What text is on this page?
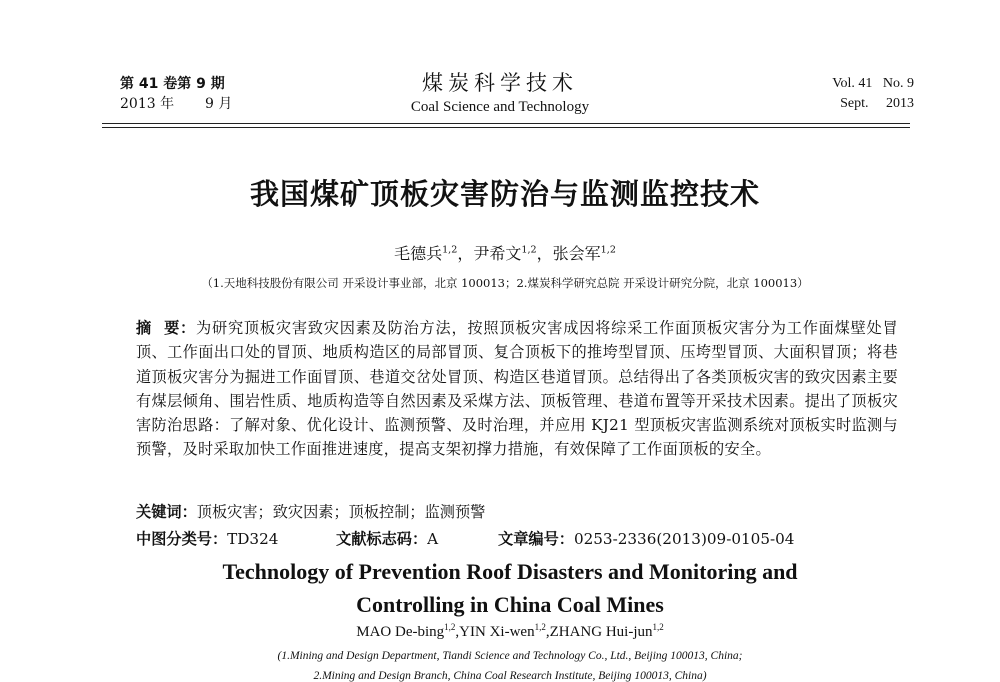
第 41 卷第 9 期
2013 年 9 月
煤炭科学技术
Coal Science and Technology
Vol. 41   No. 9
Sept.     2013
我国煤矿顶板灾害防治与监测监控技术
毛德兵$^{1,2}$，尹希文$^{1,2}$，张会军$^{1,2}$
（1.天地科技股份有限公司 开采设计事业部，北京 100013；2.煤炭科学研究总院 开采设计研究分院，北京 100013）
摘  要：为研究顶板灾害致灾因素及防治方法，按照顶板灾害成因将综采工作面顶板灾害分为工作面煤壁处冒顶、工作面出口处的冒顶、地质构造区的局部冒顶、复合顶板下的推垮型冒顶、压垮型冒顶、大面积冒顶；将巷道顶板灾害分为掘进工作面冒顶、巷道交岔处冒顶、构造区巷道冒顶。总结得出了各类顶板灾害的致灾因素主要有煤层倾角、围岩性质、地质构造等自然因素及采煤方法、顶板管理、巷道布置等开采技术因素。提出了顶板灾害防治思路：了解对象、优化设计、监测预警、及时治理，并应用 KJ21 型顶板灾害监测系统对顶板实时监测与预警，及时采取加快工作面推进速度，提高支架初撑力措施，有效保障了工作面顶板的安全。
关键词：顶板灾害；致灾因素；顶板控制；监测预警
中图分类号：TD324	文献标志码：A	文章编号：0253-2336(2013)09-0105-04
Technology of Prevention Roof Disasters and Monitoring and
Controlling in China Coal Mines
MAO De-bing$^{1,2}$,YIN Xi-wen$^{1,2}$,ZHANG Hui-jun$^{1,2}$
(1.Mining and Design Department, Tiandi Science and Technology Co., Ltd., Beijing 100013, China;
2.Mining and Design Branch, China Coal Research Institute, Beijing 100013, China)
